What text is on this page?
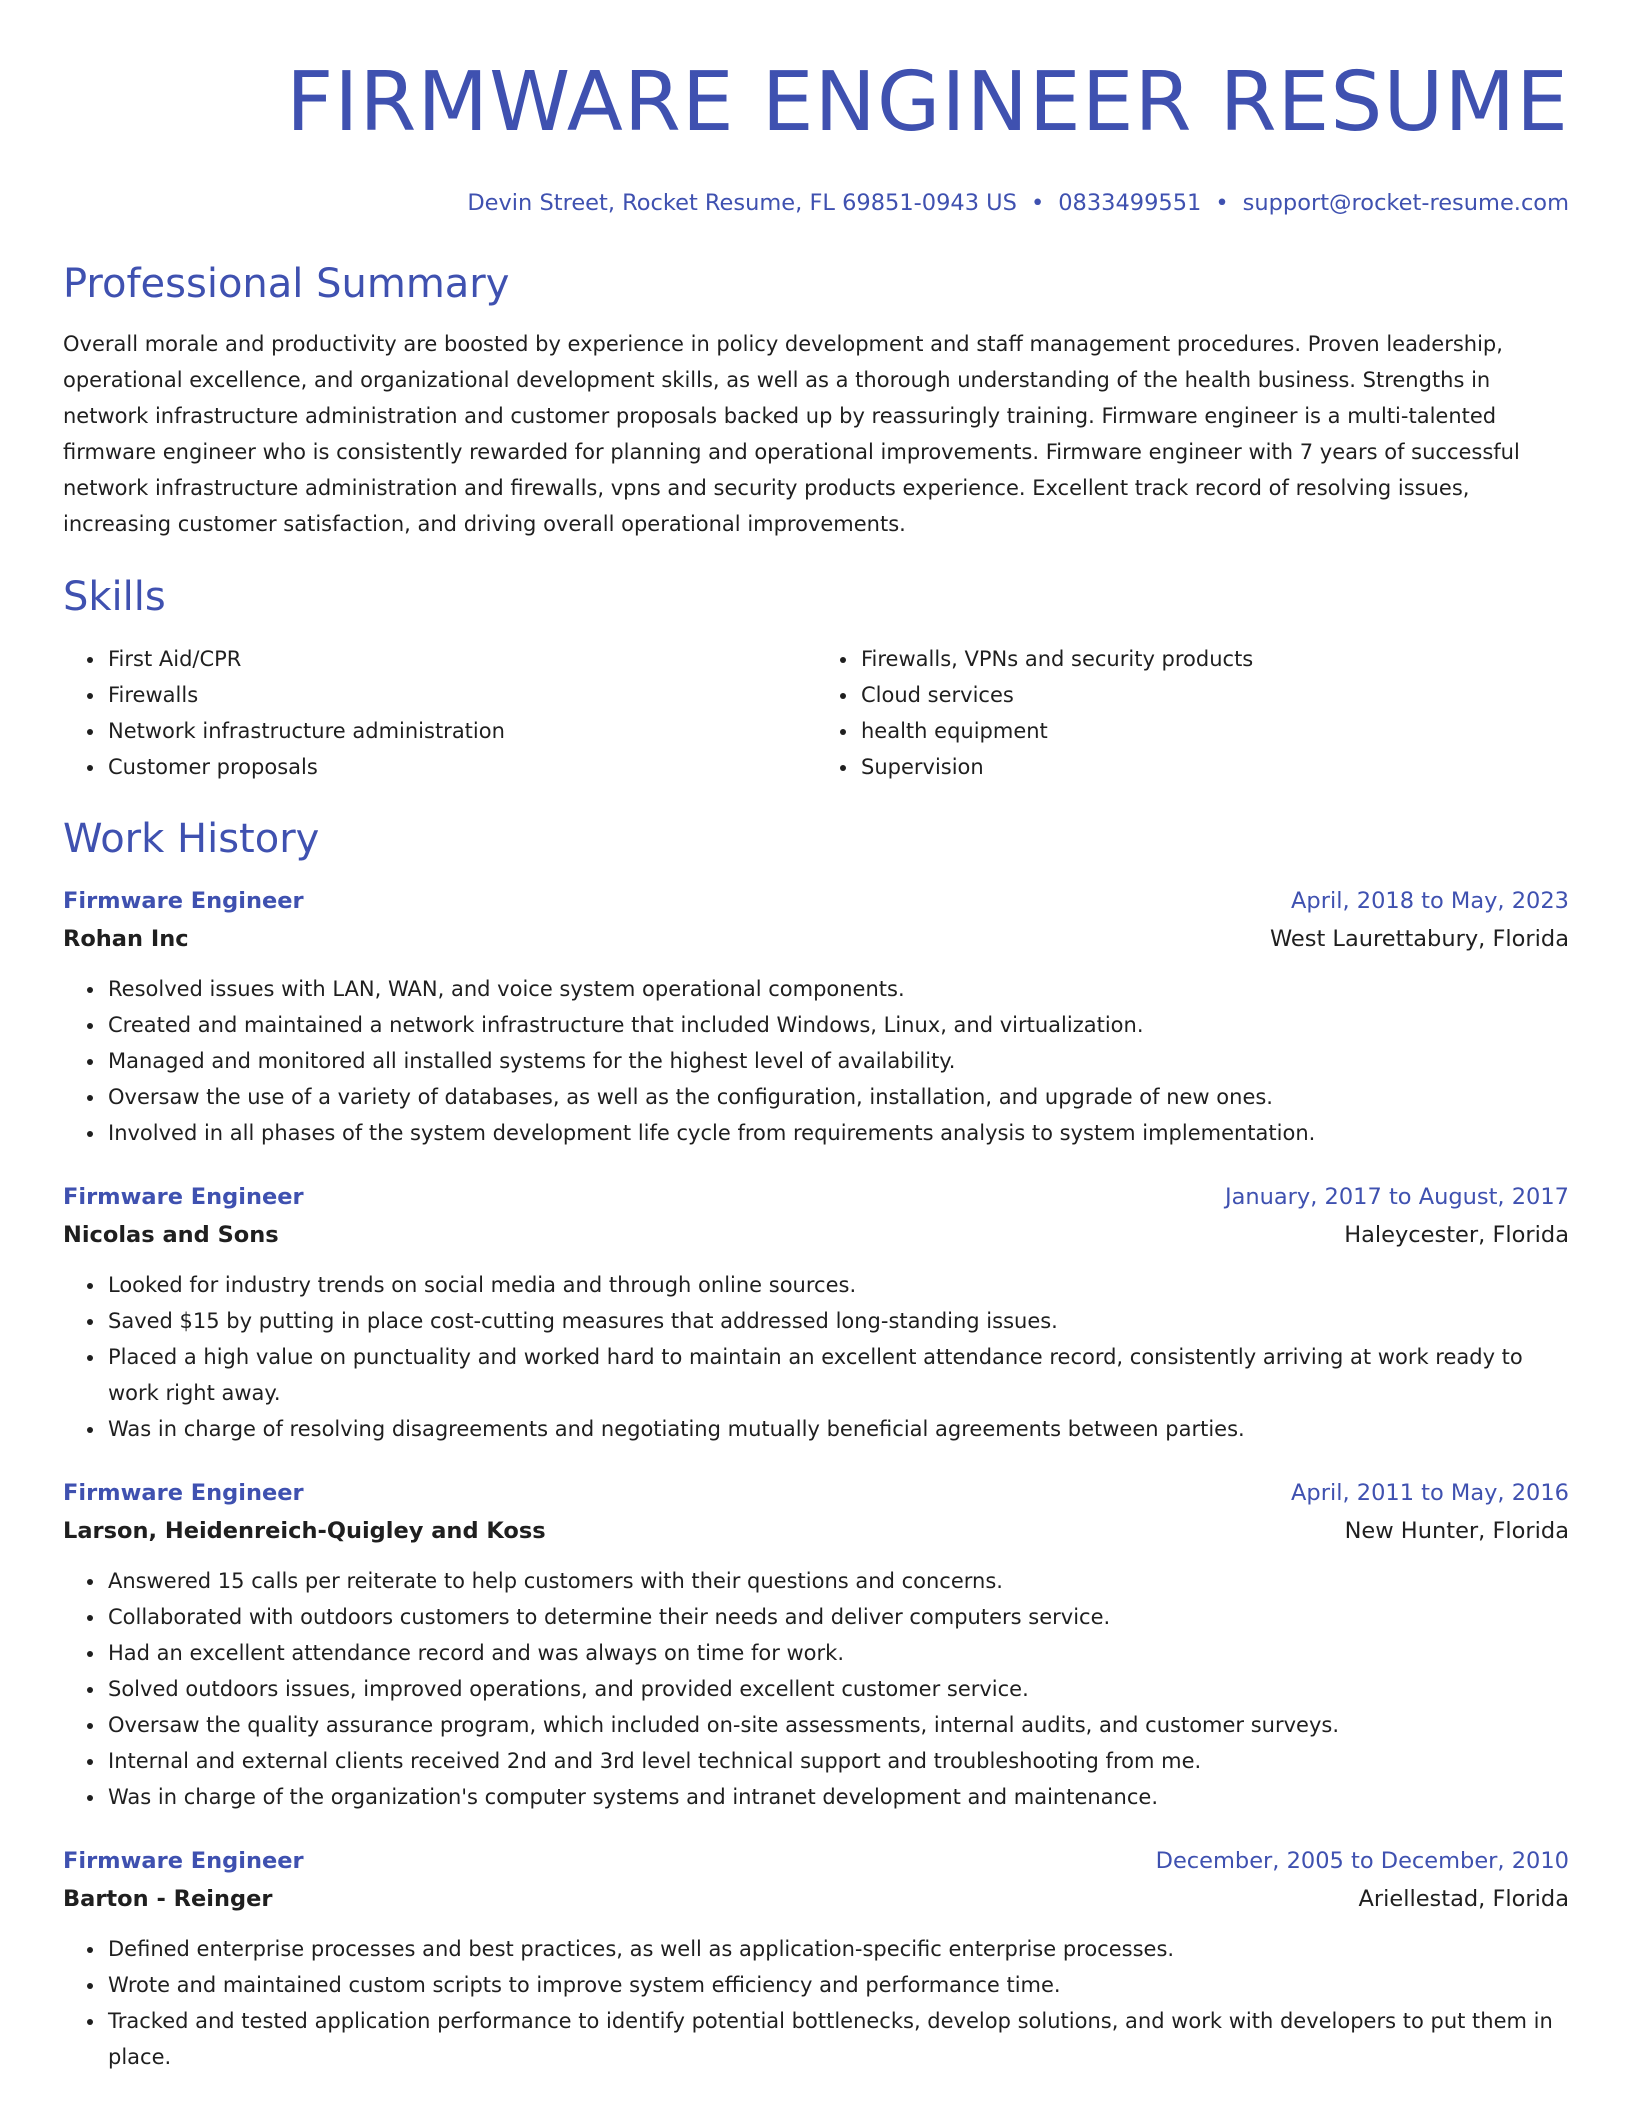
FIRMWARE ENGINEER RESUME
Devin Street, Rocket Resume, FL 69851-0943 US • 0833499551 • support@rocket-resume.com
Professional Summary

Overall morale and productivity are boosted by experience in policy development and staff management procedures. Proven leadership, operational excellence, and organizational development skills, as well as a thorough understanding of the health business. Strengths in network infrastructure administration and customer proposals backed up by reassuringly training. Firmware engineer is a multi-talented firmware engineer who is consistently rewarded for planning and operational improvements. Firmware engineer with 7 years of successful network infrastructure administration and firewalls, vpns and security products experience. Excellent track record of resolving issues, increasing customer satisfaction, and driving overall operational improvements.

Skills
• First Aid/CPR
• Firewalls
• Network infrastructure administration
• Customer proposals
• Firewalls, VPNs and security products
• Cloud services
• health equipment
• Supervision
Work History
Firmware Engineer	April, 2018 to May, 2023
Rohan Inc	West Laurettabury, Florida
• Resolved issues with LAN, WAN, and voice system operational components.
• Created and maintained a network infrastructure that included Windows, Linux, and virtualization.
• Managed and monitored all installed systems for the highest level of availability.
• Oversaw the use of a variety of databases, as well as the configuration, installation, and upgrade of new ones.
• Involved in all phases of the system development life cycle from requirements analysis to system implementation.
Firmware Engineer	January, 2017 to August, 2017
Nicolas and Sons	Haleycester, Florida
• Looked for industry trends on social media and through online sources.
• Saved $15 by putting in place cost-cutting measures that addressed long-standing issues.
• Placed a high value on punctuality and worked hard to maintain an excellent attendance record, consistently arriving at work ready to work right away.
• Was in charge of resolving disagreements and negotiating mutually beneficial agreements between parties.
Firmware Engineer	April, 2011 to May, 2016
Larson, Heidenreich-Quigley and Koss	New Hunter, Florida
• Answered 15 calls per reiterate to help customers with their questions and concerns.
• Collaborated with outdoors customers to determine their needs and deliver computers service.
• Had an excellent attendance record and was always on time for work.
• Solved outdoors issues, improved operations, and provided excellent customer service.
• Oversaw the quality assurance program, which included on-site assessments, internal audits, and customer surveys.
• Internal and external clients received 2nd and 3rd level technical support and troubleshooting from me.
• Was in charge of the organization's computer systems and intranet development and maintenance.
Firmware Engineer	December, 2005 to December, 2010
Barton - Reinger	Ariellestad, Florida
• Defined enterprise processes and best practices, as well as application-specific enterprise processes.
• Wrote and maintained custom scripts to improve system efficiency and performance time.
• Tracked and tested application performance to identify potential bottlenecks, develop solutions, and work with developers to put them in place.
